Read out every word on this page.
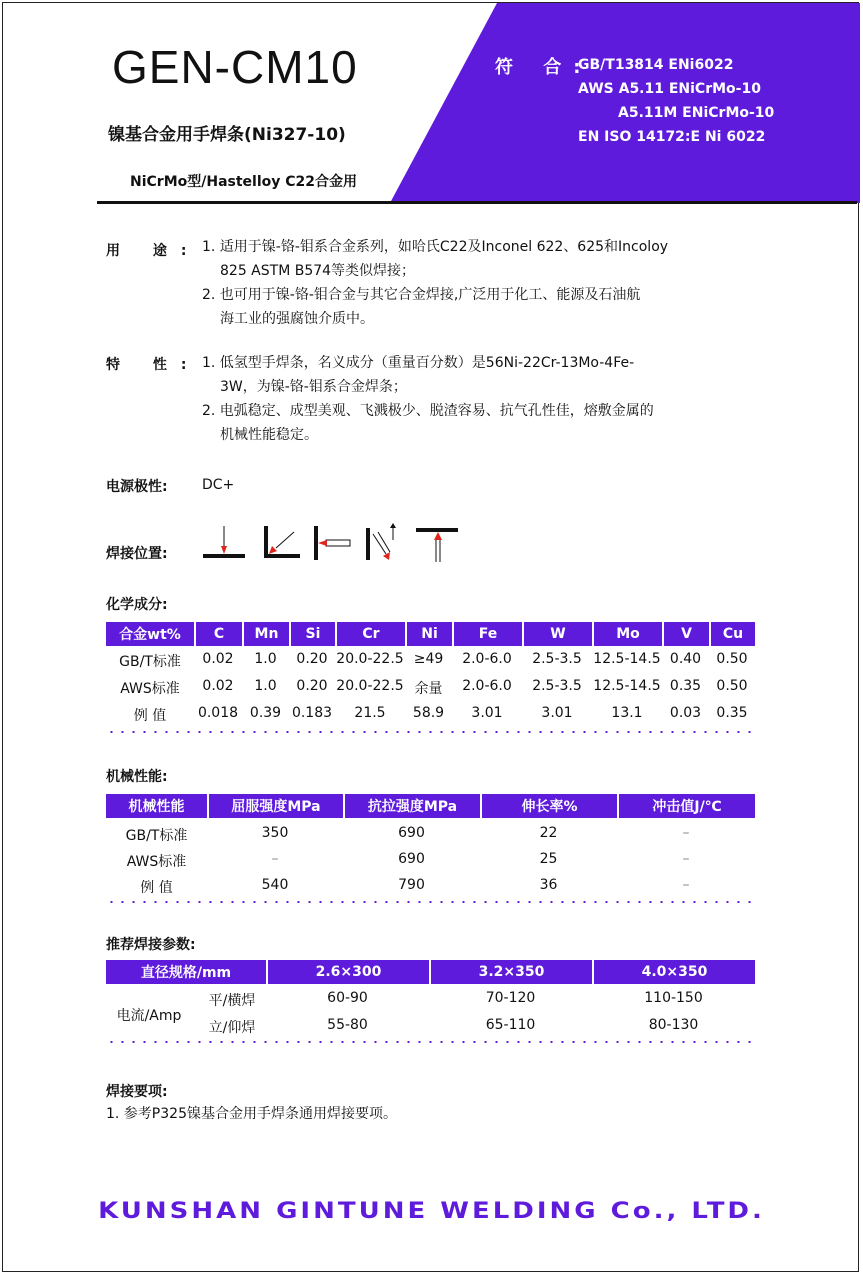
GEN-CM10
镍基合金用手焊条(Ni327-10)
NiCrMo型/Hastelloy C22合金用
符 合:
GB/T13814 ENi6022
AWS A5.11 ENiCrMo-10
A5.11M ENiCrMo-10
EN ISO 14172:E Ni 6022
用 途: 1. 适用于镍-铬-钼系合金系列，如哈氏C22及Inconel 622、625和Incoloy
825 ASTM B574等类似焊接；
2. 也可用于镍-铬-钼合金与其它合金焊接,广泛用于化工、能源及石油航
海工业的强腐蚀介质中。
特 性: 1. 低氢型手焊条，名义成分（重量百分数）是56Ni-22Cr-13Mo-4Fe-
3W，为镍-铬-钼系合金焊条；
2. 电弧稳定、成型美观、飞溅极少、脱渣容易、抗气孔性佳，熔敷金属的
机械性能稳定。
电源极性: DC+
焊接位置:
化学成分:
合金wt%	C	Mn	Si	Cr	Ni	Fe	W	Mo	V	Cu
GB/T标准	0.02	1.0	0.20 20.0-22.5 ≥49	2.0-6.0	2.5-3.5 12.5-14.5 0.40	0.50
AWS标准	0.02	1.0	0.20 20.0-22.5 余量	2.0-6.0	2.5-3.5 12.5-14.5 0.35	0.50
例 值	0.018 0.39 0.183	21.5	58.9	3.01	3.01	13.1	0.03	0.35
机械性能:
机械性能	屈服强度MPa	抗拉强度MPa	伸长率%	冲击值J/℃
GB/T标准	350	690	22	–
AWS标准	–	690	25	–
例 值	540	790	36	–
推荐焊接参数:
直径规格/mm	2.6×300	3.2×350	4.0×350
电流/Amp
平/横焊	60-90	70-120	110-150
立/仰焊	55-80	65-110	80-130
焊接要项:
1. 参考P325镍基合金用手焊条通用焊接要项。
KUNSHAN GINTUNE WELDING Co., LTD.
